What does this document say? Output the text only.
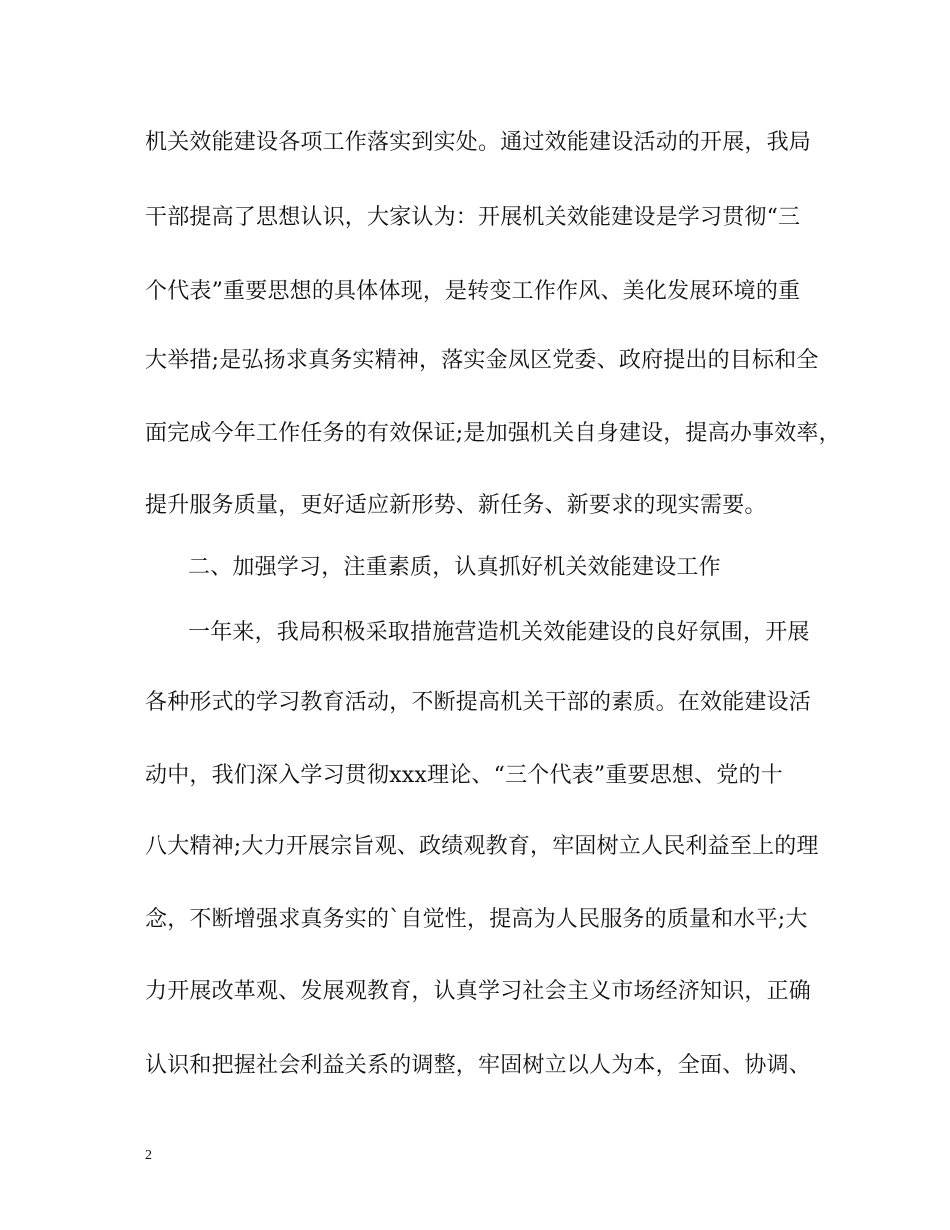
机关效能建设各项工作落实到实处。通过效能建设活动的开展，我局
干部提高了思想认识，大家认为：开展机关效能建设是学习贯彻“三
个代表”重要思想的具体体现，是转变工作作风、美化发展环境的重
大举措;是弘扬求真务实精神，落实金凤区党委、政府提出的目标和全
面完成今年工作任务的有效保证;是加强机关自身建设，提高办事效率，
提升服务质量，更好适应新形势、新任务、新要求的现实需要。
二、加强学习，注重素质，认真抓好机关效能建设工作
一年来，我局积极采取措施营造机关效能建设的良好氛围，开展
各种形式的学习教育活动，不断提高机关干部的素质。在效能建设活
动中，我们深入学习贯彻xxx理论、“三个代表”重要思想、党的十
八大精神;大力开展宗旨观、政绩观教育，牢固树立人民利益至上的理
念，不断增强求真务实的`自觉性，提高为人民服务的质量和水平;大
力开展改革观、发展观教育，认真学习社会主义市场经济知识，正确
认识和把握社会利益关系的调整，牢固树立以人为本，全面、协调、
2
